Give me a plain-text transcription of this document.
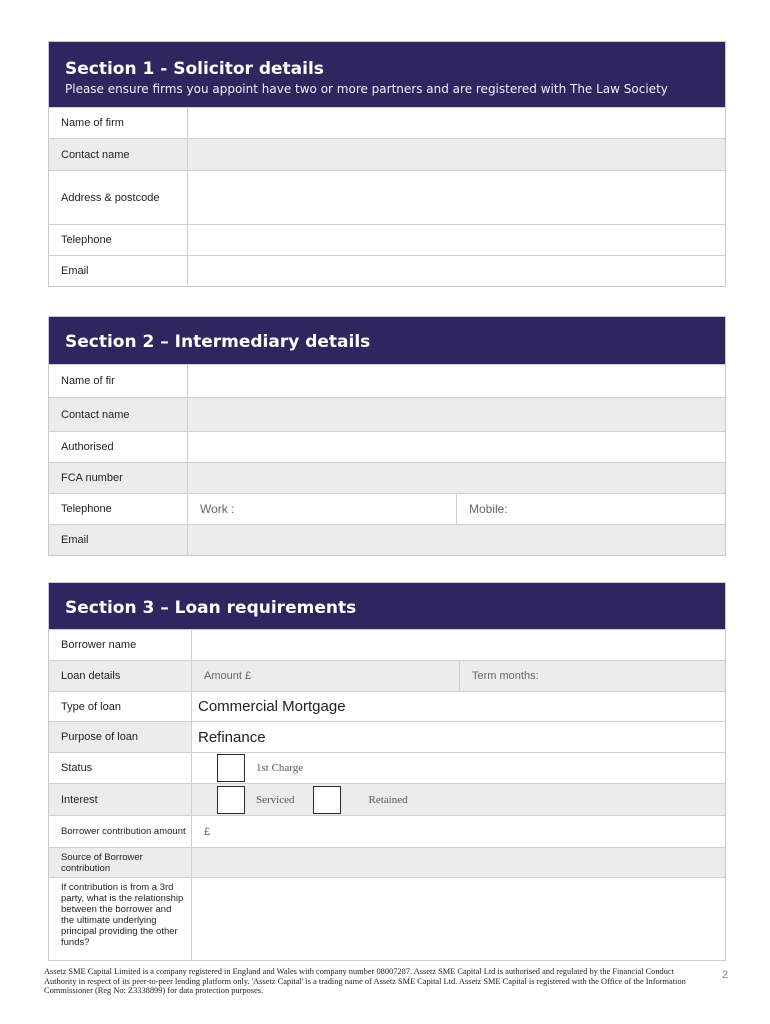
Section 1 - Solicitor details
Please ensure firms you appoint have two or more partners and are registered with The Law Society
Name of firm
Contact name
Address & postcode
Telephone
Email
Section 2 – Intermediary details
Name of fir
Contact name
Authorised
FCA number
Telephone	Work :	Mobile:
Email
Section 3 – Loan requirements
Borrower name
Loan details	Amount £	Term months:
Type of loan	Commercial Mortgage
Purpose of loan	Refinance
Status	1st Charge
Interest	Serviced	Retained
Borrower contribution amount	£
Source of Borrower contribution
If contribution is from a 3rd party, what is the relationship between the borrower and the ultimate underlying principal providing the other funds?
Assetz SME Capital Limited is a company registered in England and Wales with company number 08007287. Assetz SME Capital Ltd is authorised and regulated by the Financial Conduct Authority in respect of its peer-to-peer lending platform only. 'Assetz Capital' is a trading name of Assetz SME Capital Ltd. Assetz SME Capital is registered with the Office of the Information Commissioner (Reg No: Z3338899) for data protection purposes.
2
